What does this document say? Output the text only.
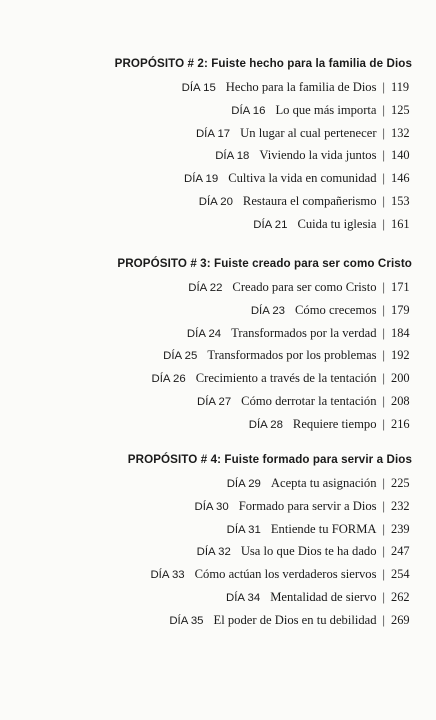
PROPÓSITO # 2: Fuiste hecho para la familia de Dios
DÍA 15 Hecho para la familia de Dios | 119
DÍA 16 Lo que más importa | 125
DÍA 17 Un lugar al cual pertenecer | 132
DÍA 18 Viviendo la vida juntos | 140
DÍA 19 Cultiva la vida en comunidad | 146
DÍA 20 Restaura el compañerismo | 153
DÍA 21 Cuida tu iglesia | 161
PROPÓSITO # 3: Fuiste creado para ser como Cristo
DÍA 22 Creado para ser como Cristo | 171
DÍA 23 Cómo crecemos | 179
DÍA 24 Transformados por la verdad | 184
DÍA 25 Transformados por los problemas | 192
DÍA 26 Crecimiento a través de la tentación | 200
DÍA 27 Cómo derrotar la tentación | 208
DÍA 28 Requiere tiempo | 216
PROPÓSITO # 4: Fuiste formado para servir a Dios
DÍA 29 Acepta tu asignación | 225
DÍA 30 Formado para servir a Dios | 232
DÍA 31 Entiende tu FORMA | 239
DÍA 32 Usa lo que Dios te ha dado | 247
DÍA 33 Cómo actúan los verdaderos siervos | 254
DÍA 34 Mentalidad de siervo | 262
DÍA 35 El poder de Dios en tu debilidad | 269
